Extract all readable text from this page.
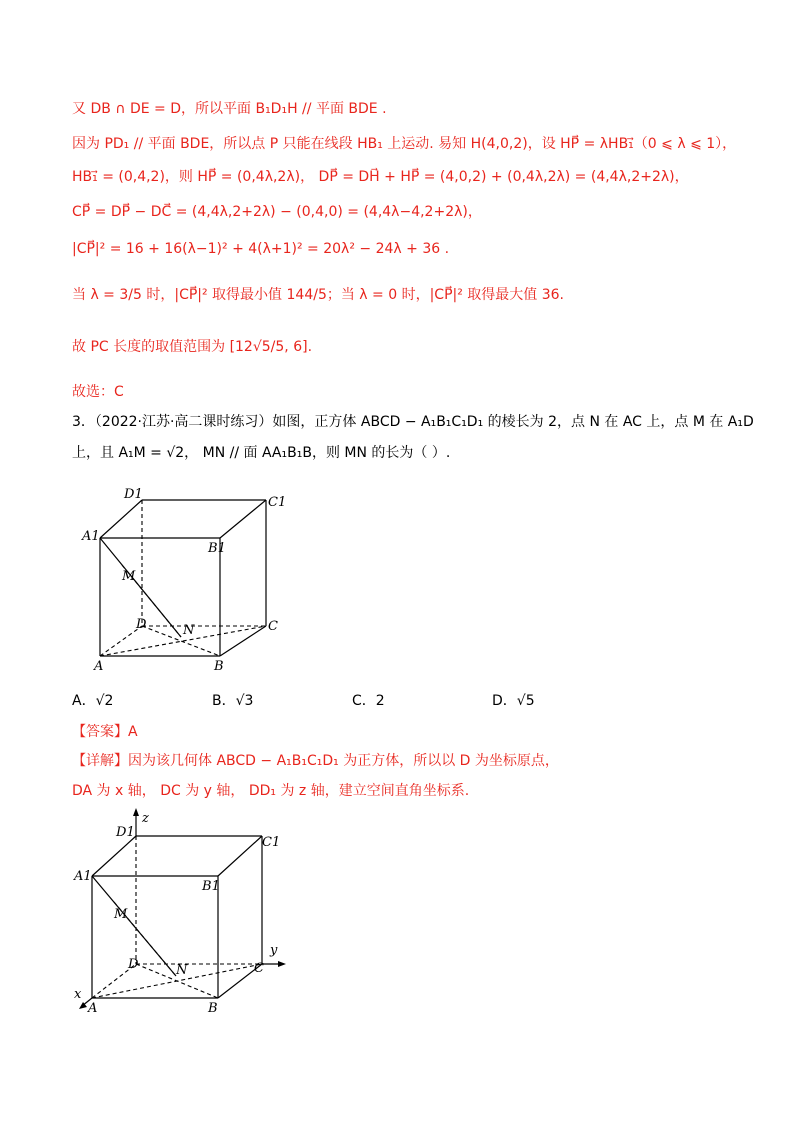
又 DB ∩ DE = D，所以平面 B₁D₁H // 平面 BDE .
因为 PD₁ // 平面 BDE，所以点 P 只能在线段 HB₁ 上运动. 易知 H(4,0,2)，设 HP⃗ = λHB₁⃗（0 ⩽ λ ⩽ 1），
HB₁⃗ = (0,4,2)，则 HP⃗ = (0,4λ,2λ)， DP⃗ = DH⃗ + HP⃗ = (4,0,2) + (0,4λ,2λ) = (4,4λ,2+2λ)，
CP⃗ = DP⃗ − DC⃗ = (4,4λ,2+2λ) − (0,4,0) = (4,4λ−4,2+2λ)，
|CP⃗|² = 16 + 16(λ−1)² + 4(λ+1)² = 20λ² − 24λ + 36 .
当 λ = 3/5 时，|CP⃗|² 取得最小值 144/5；当 λ = 0 时，|CP⃗|² 取得最大值 36.
故 PC 长度的取值范围为 [12√5/5, 6].
故选：C
3．（2022·江苏·高二课时练习）如图，正方体 ABCD − A₁B₁C₁D₁ 的棱长为 2，点 N 在 AC 上，点 M 在 A₁D
上，且 A₁M = √2， MN // 面 AA₁B₁B，则 MN 的长为（ ）.
D1
C1
A1
B1
M
D	N	C
A	B
A．√2	B．√3	C．2	D．√5
【答案】A
【详解】因为该几何体 ABCD − A₁B₁C₁D₁ 为正方体，所以以 D 为坐标原点，
DA 为 x 轴， DC 为 y 轴， DD₁ 为 z 轴，建立空间直角坐标系.
z
y
x
D1
C1
A1
B1
M
D	N	C
A	B
